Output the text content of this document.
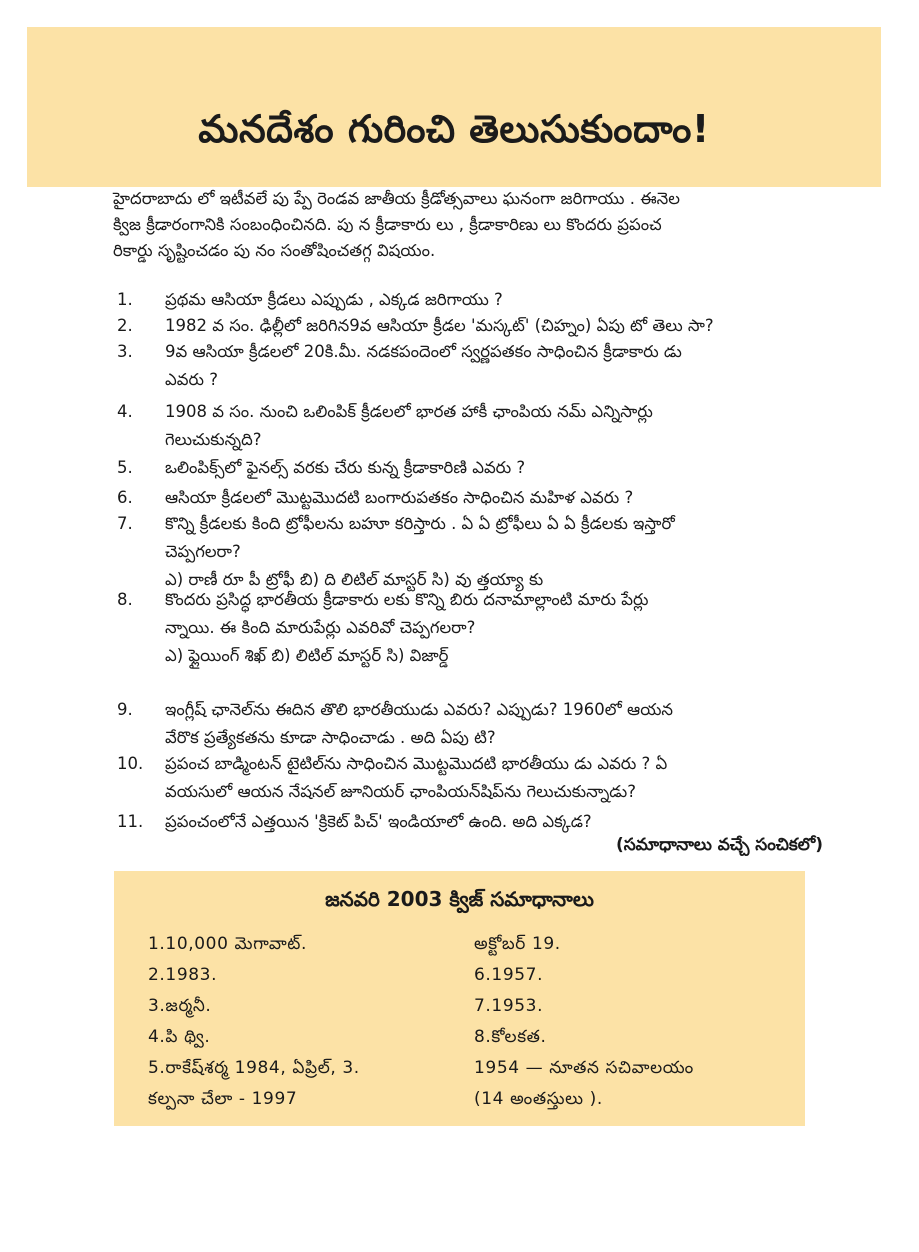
మనదేశం గురించి తెలుసుకుందాం!
హైదరాబాదు లో ఇటీవలే పు ప్పే రెండవ జాతీయ క్రీడోత్సవాలు ఘనంగా జరిగాయు . ఈనెల
క్విజ క్రీడారంగానికి సంబంధించినది. పు న క్రీడాకారు లు , క్రీడాకారిణు లు కొందరు ప్రపంచ
రికార్డు సృష్టించడం పు నం సంతోషించతగ్గ విషయం.
1. ప్రథమ ఆసియా క్రీడలు ఎప్పుడు , ఎక్కడ జరిగాయు ?
2. 1982 వ సం. ఢిల్లీలో జరిగిన9వ ఆసియా క్రీడల 'మస్కట్' (చిహ్నం) ఏపు టో తెలు సా?
3. 9వ ఆసియా క్రీడలలో 20కి.మీ. నడకపందెంలో స్వర్ణపతకం సాధించిన క్రీడాకారు డు
ఎవరు ?
4. 1908 వ సం. నుంచి ఒలింపిక్ క్రీడలలో భారత హాకీ ఛాంపియ నమ్ ఎన్నిసార్లు
గెలుచుకున్నది?
5. ఒలింపిక్స్‌లో ఫైనల్స్ వరకు చేరు కున్న క్రీడాకారిణి ఎవరు ?
6. ఆసియా క్రీడలలో మొట్టమొదటి బంగారుపతకం సాధించిన మహిళ ఎవరు ?
7. కొన్ని క్రీడలకు కింది ట్రోఫీలను బహూ కరిస్తారు . ఏ ఏ ట్రోఫీలు ఏ ఏ క్రీడలకు ఇస్తారో
చెప్పగలరా?
ఎ) రాణీ రూ పీ ట్రోఫీ బి) ది లిటిల్ మాస్టర్ సి) వు త్తయ్యా కు
8. కొందరు ప్రసిద్ధ భారతీయ క్రీడాకారు లకు కొన్ని బిరు దనామాల్లాంటి మారు పేర్లు
న్నాయి. ఈ కింది మారుపేర్లు ఎవరివో చెప్పగలరా?
ఎ) ఫ్లైయింగ్ శిఖ్ బి) లిటిల్ మాస్టర్ సి) విజార్డ్
9. ఇంగ్లీష్ ఛానెల్‌ను ఈదిన తొలి భారతీయుడు ఎవరు? ఎప్పుడు? 1960లో ఆయన
వేరొక ప్రత్యేకతను కూడా సాధించాడు . అది ఏపు టి?
10. ప్రపంచ బాడ్మింటన్ టైటిల్‌ను సాధించిన మొట్టమొదటి భారతీయు డు ఎవరు ? ఏ
వయసులో ఆయన నేషనల్ జూనియర్ ఛాంపియన్‌షిప్‌ను గెలుచుకున్నాడు?
11. ప్రపంచంలోనే ఎత్తయిన 'క్రికెట్ పిచ్' ఇండియాలో ఉంది. అది ఎక్కడ?
(సమాధానాలు వచ్చే సంచికలో)
జనవరి 2003 క్విజ్ సమాధానాలు
1.10,000 మెగావాట్.
2.1983.
3.జర్మనీ.
4.పి థ్వి.
5.రాకేష్‌శర్మ 1984, ఏప్రిల్, 3.
కల్పనా చేలా - 1997
అక్టోబర్ 19.
6.1957.
7.1953.
8.కోలకత.
1954 — నూతన సచివాలయం
(14 అంతస్తులు ).
